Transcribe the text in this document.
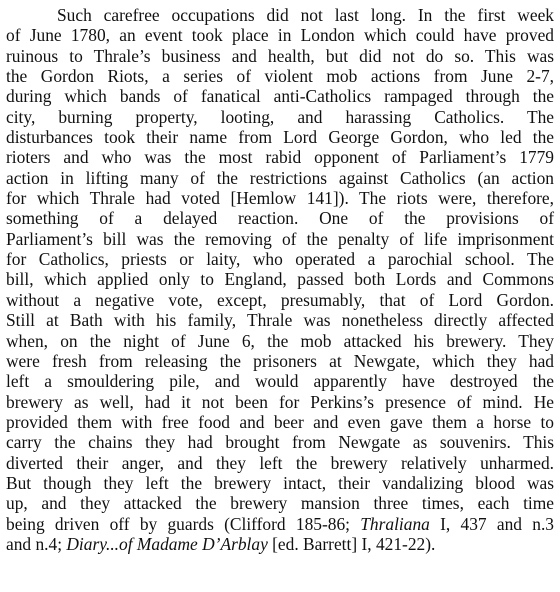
Such carefree occupations did not last long. In the first week
of June 1780, an event took place in London which could have proved
ruinous to Thrale’s business and health, but did not do so. This was
the Gordon Riots, a series of violent mob actions from June 2-7,
during which bands of fanatical anti-Catholics rampaged through the
city, burning property, looting, and harassing Catholics. The
disturbances took their name from Lord George Gordon, who led the
rioters and who was the most rabid opponent of Parliament’s 1779
action in lifting many of the restrictions against Catholics (an action
for which Thrale had voted [Hemlow 141]). The riots were, therefore,
something of a delayed reaction. One of the provisions of
Parliament’s bill was the removing of the penalty of life imprisonment
for Catholics, priests or laity, who operated a parochial school. The
bill, which applied only to England, passed both Lords and Commons
without a negative vote, except, presumably, that of Lord Gordon.
Still at Bath with his family, Thrale was nonetheless directly affected
when, on the night of June 6, the mob attacked his brewery. They
were fresh from releasing the prisoners at Newgate, which they had
left a smouldering pile, and would apparently have destroyed the
brewery as well, had it not been for Perkins’s presence of mind. He
provided them with free food and beer and even gave them a horse to
carry the chains they had brought from Newgate as souvenirs. This
diverted their anger, and they left the brewery relatively unharmed.
But though they left the brewery intact, their vandalizing blood was
up, and they attacked the brewery mansion three times, each time
being driven off by guards (Clifford 185-86; Thraliana I, 437 and n.3
and n.4; Diary...of Madame D’Arblay [ed. Barrett] I, 421-22).
